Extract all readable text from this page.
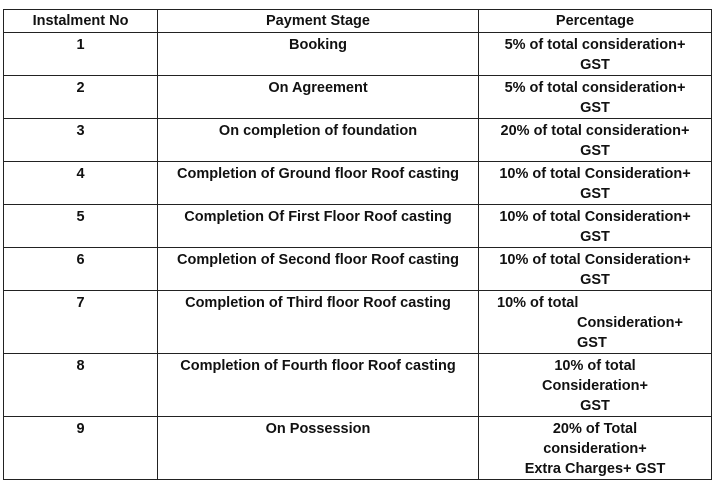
Instalment No	Payment Stage	Percentage
1	Booking	5% of total consideration+
GST

2	On Agreement	5% of total consideration+
GST

3	On completion of foundation	20% of total consideration+
GST

4	Completion of Ground floor Roof casting	10% of total Consideration+
GST

5	Completion Of First Floor Roof casting	10% of total Consideration+
GST

6	Completion of Second floor Roof casting	10% of total Consideration+
GST

7	Completion of Third floor Roof casting	10% of total
Consideration+
GST

8	Completion of Fourth floor Roof casting	10% of total
Consideration+
GST

9	On Possession	20% of Total
consideration+
Extra Charges+ GST
